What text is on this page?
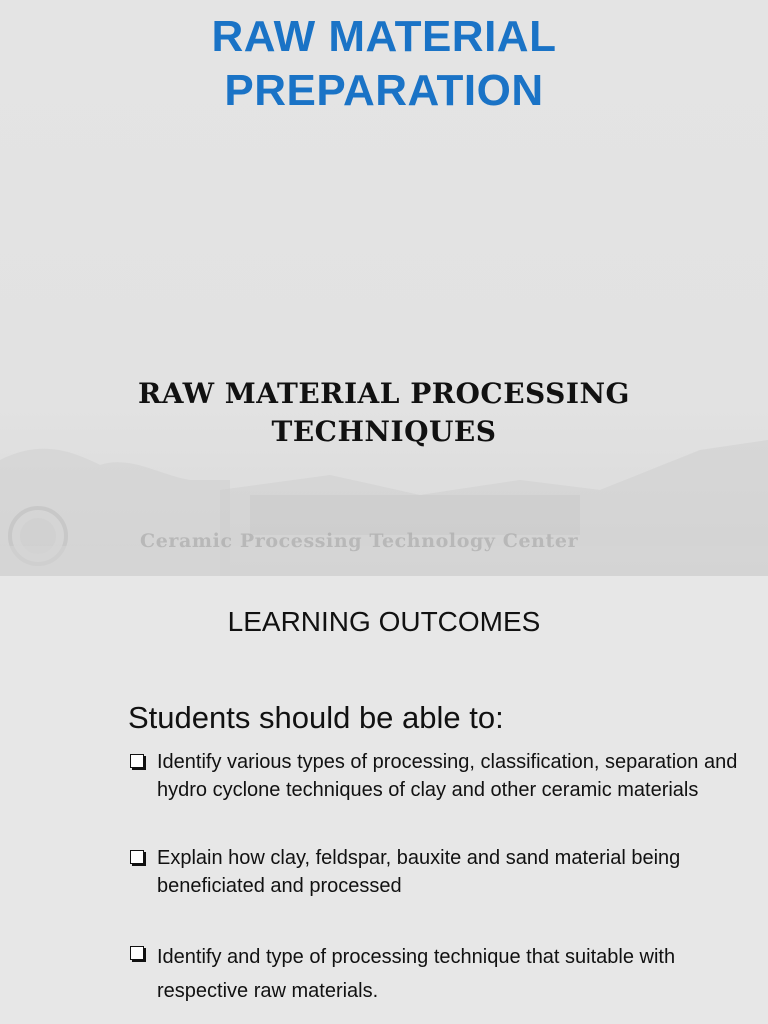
RAW MATERIAL
PREPARATION
Ceramic Processing Technology Center
RAW MATERIAL PROCESSING
TECHNIQUES
LEARNING OUTCOMES
Students should be able to:
Identify various types of processing, classification, separation and hydro cyclone techniques of clay and other ceramic materials
Explain how clay, feldspar, bauxite and sand material being beneficiated and processed
Identify and type of processing technique that suitable with respective raw materials.
